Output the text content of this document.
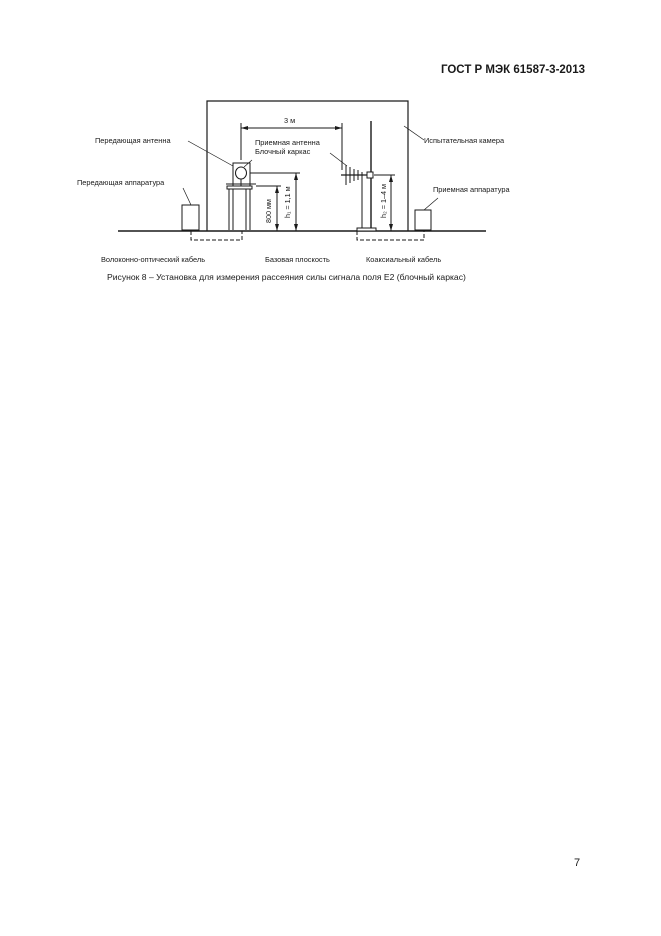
ГОСТ Р МЭК 61587-3-2013
h₁ = 1,1 м
800 мм	h₂ = 1–4 м
3 м
Передающая антенна	Приемная антенна
Блочный каркас
Испытательная камера
Передающая аппаратура
Приемная аппаратура
Волоконно-оптический кабель	Базовая плоскость	Коаксиальный кабель
Рисунок 8 – Установка для измерения рассеяния силы сигнала поля E2 (блочный каркас)
7
